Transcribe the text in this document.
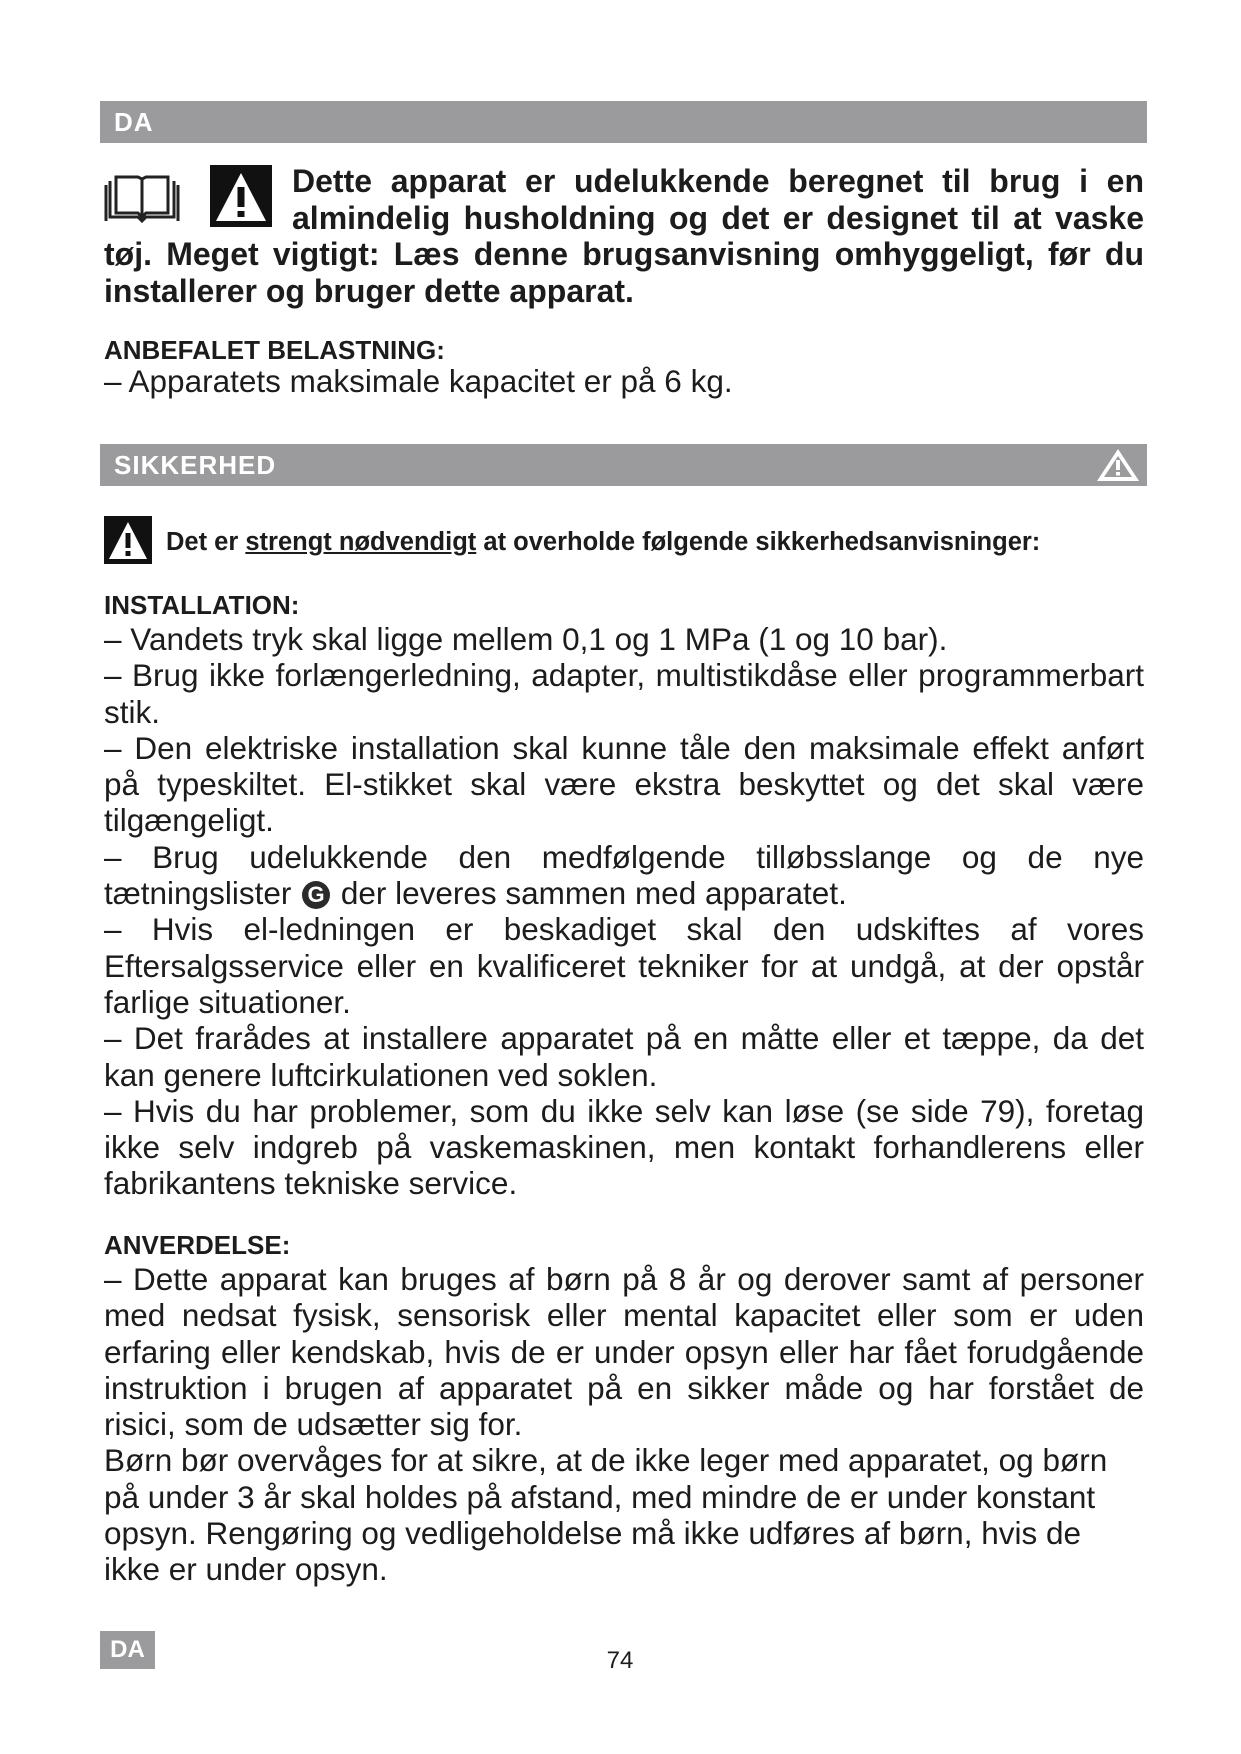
DA

Dette apparat er udelukkende beregnet til brug i en almindelig husholdning og det er designet til at vaske tøj. Meget vigtigt: Læs denne brugsanvisning omhyggeligt, før du installerer og bruger dette apparat.

ANBEFALET BELASTNING:

– Apparatets maksimale kapacitet er på 6 kg.

SIKKERHED
Det er strengt nødvendigt at overholde følgende sikkerhedsanvisninger:
INSTALLATION:

– Vandets tryk skal ligge mellem 0,1 og 1 MPa (1 og 10 bar).

– Brug ikke forlængerledning, adapter, multistikdåse eller programmerbart stik.

– Den elektriske installation skal kunne tåle den maksimale effekt anført på typeskiltet. El-stikket skal være ekstra beskyttet og det skal være tilgængeligt.

– Brug udelukkende den medfølgende tilløbsslange og de nye tætningslister G der leveres sammen med apparatet.

– Hvis el-ledningen er beskadiget skal den udskiftes af vores Eftersalgsservice eller en kvalificeret tekniker for at undgå, at der opstår farlige situationer.

– Det frarådes at installere apparatet på en måtte eller et tæppe, da det kan genere luftcirkulationen ved soklen.

– Hvis du har problemer, som du ikke selv kan løse (se side 79), foretag ikke selv indgreb på vaskemaskinen, men kontakt forhandlerens eller fabrikantens tekniske service.

ANVERDELSE:

– Dette apparat kan bruges af børn på 8 år og derover samt af personer med nedsat fysisk, sensorisk eller mental kapacitet eller som er uden erfaring eller kendskab, hvis de er under opsyn eller har fået forudgående instruktion i brugen af apparatet på en sikker måde og har forstået de risici, som de udsætter sig for.

Børn bør overvåges for at sikre, at de ikke leger med apparatet, og børn på under 3 år skal holdes på afstand, med mindre de er under konstant opsyn. Rengøring og vedligeholdelse må ikke udføres af børn, hvis de ikke er under opsyn.

DA	74
